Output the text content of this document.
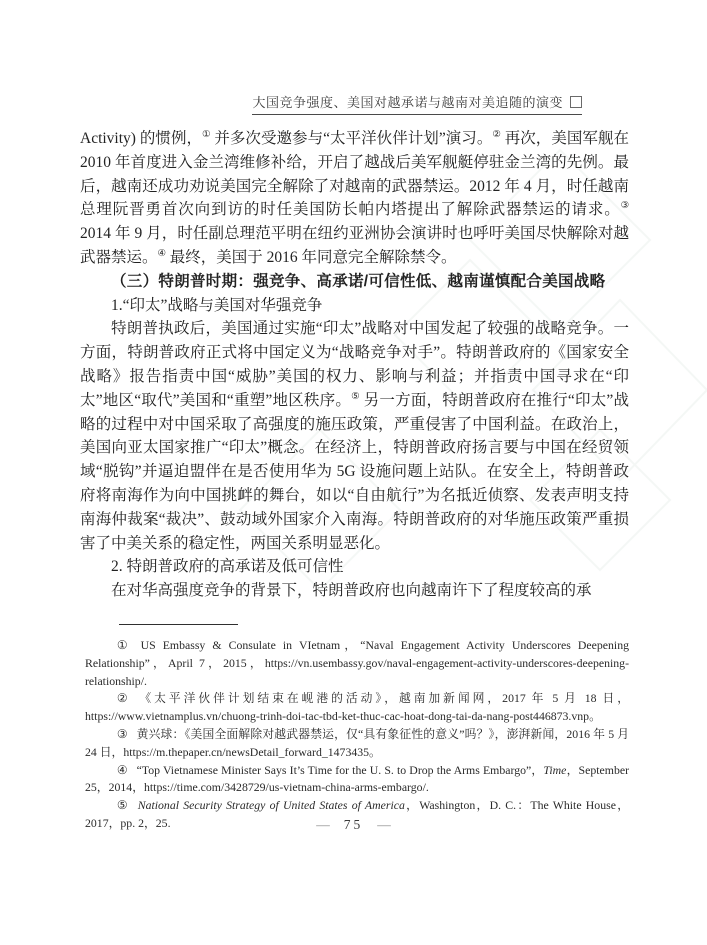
大国竞争强度、美国对越承诺与越南对美追随的演变

Activity) 的惯例，① 并多次受邀参与“太平洋伙伴计划”演习。② 再次，美国军舰在 2010 年首度进入金兰湾维修补给，开启了越战后美军舰艇停驻金兰湾的先例。最后，越南还成功劝说美国完全解除了对越南的武器禁运。2012 年 4 月，时任越南总理阮晋勇首次向到访的时任美国防长帕内塔提出了解除武器禁运的请求。③ 2014 年 9 月，时任副总理范平明在纽约亚洲协会演讲时也呼吁美国尽快解除对越武器禁运。④ 最终，美国于 2016 年同意完全解除禁令。

（三）特朗普时期：强竞争、高承诺/可信性低、越南谨慎配合美国战略

1.“印太”战略与美国对华强竞争

特朗普执政后，美国通过实施“印太”战略对中国发起了较强的战略竞争。一方面，特朗普政府正式将中国定义为“战略竞争对手”。特朗普政府的《国家安全战略》报告指责中国“威胁”美国的权力、影响与利益；并指责中国寻求在“印太”地区“取代”美国和“重塑”地区秩序。⑤ 另一方面，特朗普政府在推行“印太”战略的过程中对中国采取了高强度的施压政策，严重侵害了中国利益。在政治上，美国向亚太国家推广“印太”概念。在经济上，特朗普政府扬言要与中国在经贸领域“脱钩”并逼迫盟伴在是否使用华为 5G 设施问题上站队。在安全上，特朗普政府将南海作为向中国挑衅的舞台，如以“自由航行”为名抵近侦察、发表声明支持南海仲裁案“裁决”、鼓动域外国家介入南海。特朗普政府的对华施压政策严重损害了中美关系的稳定性，两国关系明显恶化。

2. 特朗普政府的高承诺及低可信性

在对华高强度竞争的背景下，特朗普政府也向越南许下了程度较高的承

① US Embassy & Consulate in VIetnam，“Naval Engagement Activity Underscores Deepening Relationship”，April 7，2015，https://vn.usembassy.gov/naval-engagement-activity-underscores-deepening-relationship/.

② 《太平洋伙伴计划结束在岘港的活动》，越南加新闻网，2017 年 5 月 18 日，https://www.vietnamplus.vn/chuong-trinh-doi-tac-tbd-ket-thuc-cac-hoat-dong-tai-da-nang-post446873.vnp。

③ 黄兴球：《美国全面解除对越武器禁运，仅“具有象征性的意义”吗？》，澎湃新闻，2016 年 5 月 24 日，https://m.thepaper.cn/newsDetail_forward_1473435。

④ “Top Vietnamese Minister Says It’s Time for the U. S. to Drop the Arms Embargo”，Time，September 25，2014，https://time.com/3428729/us-vietnam-china-arms-embargo/.

⑤ National Security Strategy of United States of America，Washington，D. C.：The White House，2017，pp. 2，25.	— 75 —
